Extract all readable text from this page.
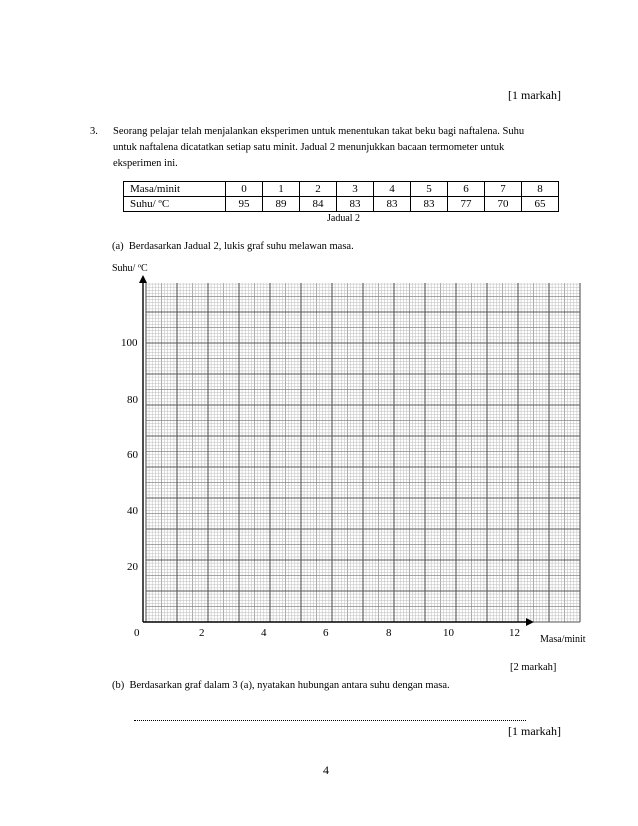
[1 markah]
3. Seorang pelajar telah menjalankan eksperimen untuk menentukan takat beku bagi naftalena. Suhu
untuk naftalena dicatatkan setiap satu minit. Jadual 2 menunjukkan bacaan termometer untuk
eksperimen ini.
Masa/minit	0	1	2	3	4	5	6	7	8
Suhu/ ºC	95	89	84	83	83	83	77	70	65
Jadual 2
(a) Berdasarkan Jadual 2, lukis graf suhu melawan masa.
Suhu/ ºC
100
80
60
40
20
0	2	4	6	8	10	12
Masa/minit
[2 markah]
(b) Berdasarkan graf dalam 3 (a), nyatakan hubungan antara suhu dengan masa.
[1 markah]
4
